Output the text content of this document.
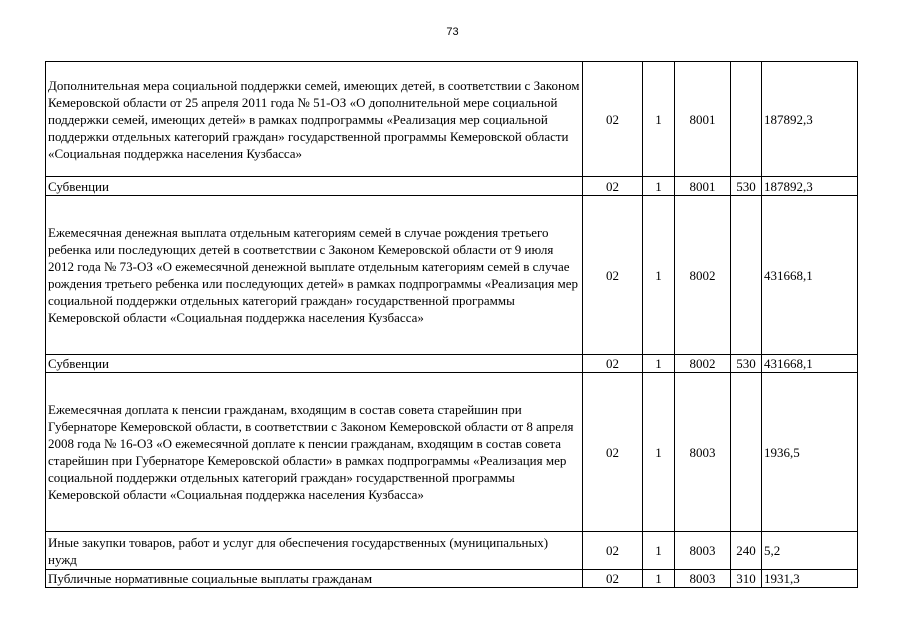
73
Дополнительная мера социальной поддержки семей, имеющих детей, в соответствии с Законом Кемеровской области от 25 апреля 2011 года № 51-ОЗ «О дополнительной мере социальной поддержки семей, имеющих детей» в рамках подпрограммы «Реализация мер социальной поддержки отдельных категорий граждан» государственной программы Кемеровской области «Социальная поддержка населения Кузбасса»	02	1	8001		187892,3
Субвенции	02	1	8001	530	187892,3
Ежемесячная денежная выплата отдельным категориям семей в случае рождения третьего ребенка или последующих детей в соответствии с Законом Кемеровской области от 9 июля 2012 года № 73-ОЗ «О ежемесячной денежной выплате отдельным категориям семей в случае рождения третьего ребенка или последующих детей» в рамках подпрограммы «Реализация мер социальной поддержки отдельных категорий граждан» государственной программы Кемеровской области «Социальная поддержка населения Кузбасса»	02	1	8002		431668,1
Субвенции	02	1	8002	530	431668,1
Ежемесячная доплата к пенсии гражданам, входящим в состав совета старейшин при Губернаторе Кемеровской области, в соответствии с Законом Кемеровской области от 8 апреля 2008 года № 16-ОЗ «О ежемесячной доплате к пенсии гражданам, входящим в состав совета старейшин при Губернаторе Кемеровской области» в рамках подпрограммы «Реализация мер социальной поддержки отдельных категорий граждан» государственной программы Кемеровской области «Социальная поддержка населения Кузбасса»	02	1	8003		1936,5
Иные закупки товаров, работ и услуг для обеспечения государственных (муниципальных) нужд	02	1	8003	240	5,2
Публичные нормативные социальные выплаты гражданам	02	1	8003	310	1931,3
